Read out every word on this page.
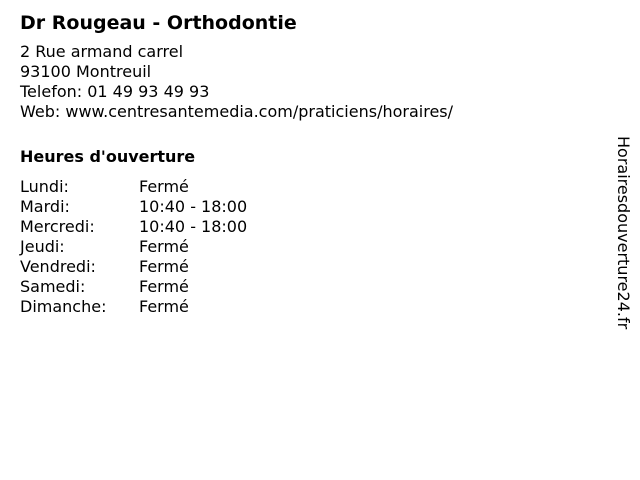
Dr Rougeau - Orthodontie
2 Rue armand carrel
93100 Montreuil
Telefon: 01 49 93 49 93
Web: www.centresantemedia.com/praticiens/horaires/
Heures d'ouverture
Lundi:	Fermé
Mardi:	10:40 - 18:00
Mercredi:	10:40 - 18:00
Jeudi:	Fermé
Vendredi:	Fermé
Samedi:	Fermé
Dimanche:	Fermé	Horairesdouverture24.fr
